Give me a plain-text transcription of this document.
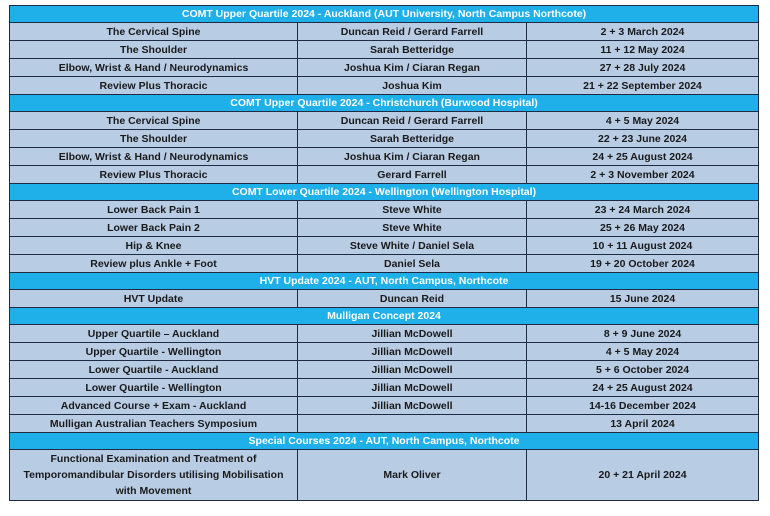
COMT Upper Quartile 2024 - Auckland (AUT University, North Campus Northcote)		
The Cervical Spine	Duncan Reid / Gerard Farrell	2 + 3 March 2024
The Shoulder	Sarah Betteridge	11 + 12 May 2024
Elbow, Wrist & Hand / Neurodynamics	Joshua Kim / Ciaran Regan	27 + 28 July 2024
Review Plus Thoracic	Joshua Kim	21 + 22 September 2024
COMT Upper Quartile 2024 - Christchurch (Burwood Hospital)		
The Cervical Spine	Duncan Reid / Gerard Farrell	4 + 5 May 2024
The Shoulder	Sarah Betteridge	22 + 23 June 2024
Elbow, Wrist & Hand / Neurodynamics	Joshua Kim / Ciaran Regan	24 + 25 August 2024
Review Plus Thoracic	Gerard Farrell	2 + 3 November 2024
COMT Lower Quartile 2024 - Wellington (Wellington Hospital)		
Lower Back Pain 1	Steve White	23 + 24 March 2024
Lower Back Pain 2	Steve White	25 + 26 May 2024
Hip & Knee	Steve White / Daniel Sela	10 + 11 August 2024
Review plus Ankle + Foot	Daniel Sela	19 + 20 October 2024
HVT Update 2024 - AUT, North Campus, Northcote		
HVT Update	Duncan Reid	15 June 2024
Mulligan Concept 2024		
Upper Quartile – Auckland	Jillian McDowell	8 + 9 June 2024
Upper Quartile - Wellington	Jillian McDowell	4 + 5 May 2024
Lower Quartile - Auckland	Jillian McDowell	5 + 6 October 2024
Lower Quartile - Wellington	Jillian McDowell	24 + 25 August 2024
Advanced Course + Exam - Auckland	Jillian McDowell	14-16 December 2024
Mulligan Australian Teachers Symposium		13 April 2024
Special Courses 2024 - AUT, North Campus, Northcote		
Functional Examination and Treatment of Temporomandibular Disorders utilising Mobilisation with Movement	Mark Oliver	20 + 21 April 2024
